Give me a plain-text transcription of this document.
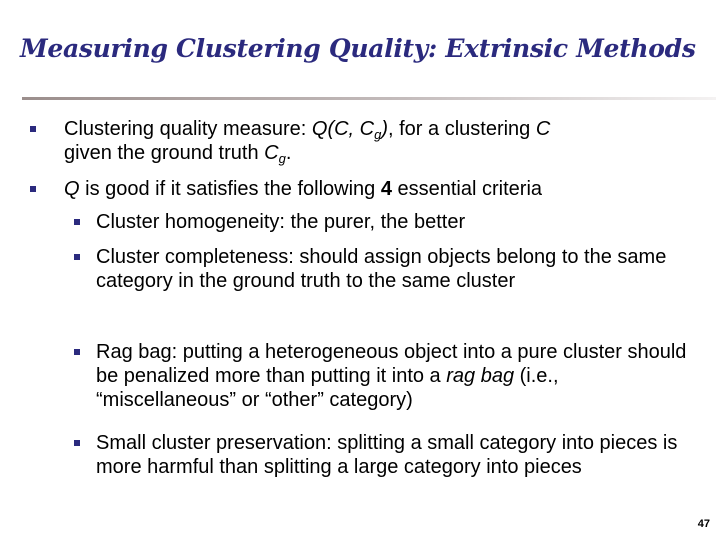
Measuring Clustering Quality: Extrinsic Methods
Clustering quality measure: Q(C, $C_g$), for a clustering C
given the ground truth $C_g$.
Q is good if it satisfies the following 4 essential criteria
Cluster homogeneity: the purer, the better
Cluster completeness: should assign objects belong to the same category in the ground truth to the same cluster
Rag bag: putting a heterogeneous object into a pure cluster should be penalized more than putting it into a rag bag (i.e., “miscellaneous” or “other” category)
Small cluster preservation: splitting a small category into pieces is more harmful than splitting a large category into pieces
47
